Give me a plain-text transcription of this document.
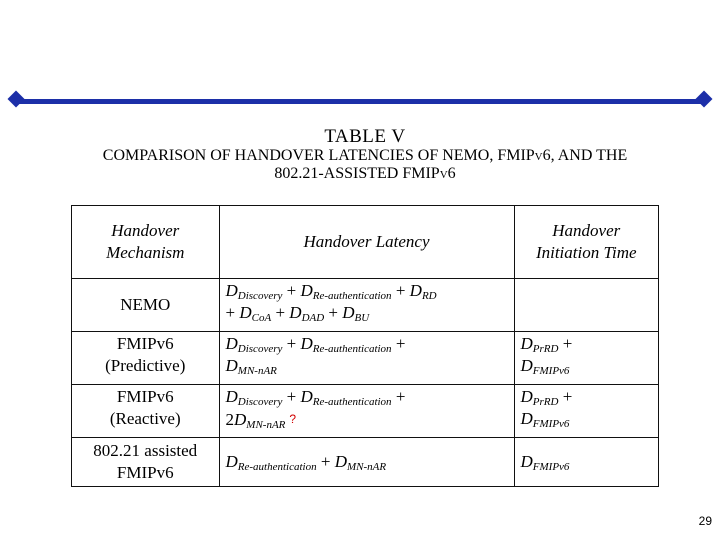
TABLE V
COMPARISON OF HANDOVER LATENCIES OF NEMO, FMIPv6, AND THE
802.21-ASSISTED FMIPv6
Handover Mechanism	Handover Latency	Handover Initiation Time

NEMO	$D_{Discovery} + D_{Re-authentication} + D_{RD}$
+ $D_{CoA} + D_{DAD} + D_{BU}$

FMIPv6
(Predictive)	$D_{Discovery} + D_{Re-authentication}$ +
$D_{MN-nAR}$	$D_{PrRD}$ +
$D_{FMIPv6}$

FMIPv6
(Reactive)	$D_{Discovery} + D_{Re-authentication}$ +
$2D_{MN-nAR}$ ?	$D_{PrRD}$ +
$D_{FMIPv6}$

802.21 assisted
FMIPv6	$D_{Re-authentication} + D_{MN-nAR}$	$D_{FMIPv6}$
29
